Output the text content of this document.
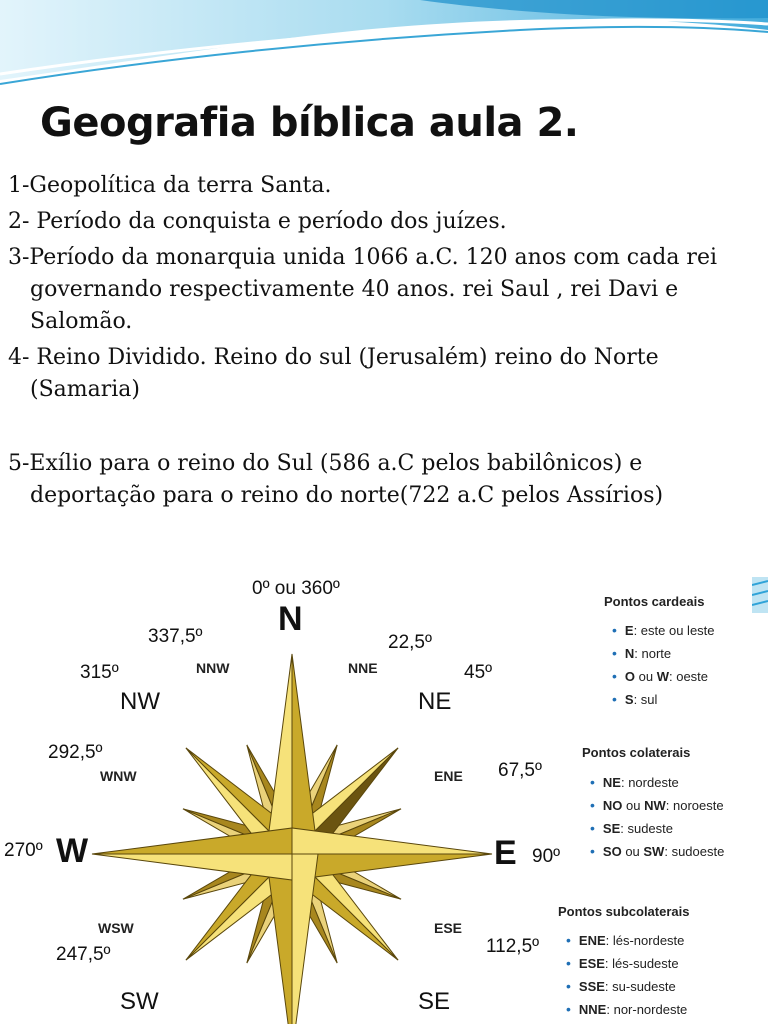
Geografia bíblica aula 2.

1-Geopolítica da terra Santa.

2- Período da conquista e período dos juízes.

3-Período da monarquia unida 1066 a.C. 120 anos com cada rei governando respectivamente 40 anos. rei Saul , rei Davi e Salomão.

4- Reino Dividido. Reino do sul (Jerusalém) reino do Norte (Samaria)

5-Exílio para o reino do Sul (586 a.C pelos babilônicos) e deportação para o reino do norte(722 a.C pelos Assírios)

0º ou 360º
337,5º	22,5º
315º	45º
292,5º
67,5º
270º	90º
112,5º
247,5º
N
NNW	NNE
NW	NE
WNW	ENE
W	E
WSW	ESE
SW	SE
Pontos cardeais
• E: este ou leste
• N: norte
• O ou W: oeste
• S: sul
Pontos colaterais
• NE: nordeste
• NO ou NW: noroeste
• SE: sudeste
• SO ou SW: sudoeste
Pontos subcolaterais
• ENE: lés-nordeste
• ESE: lés-sudeste
• SSE: su-sudeste
• NNE: nor-nordeste
